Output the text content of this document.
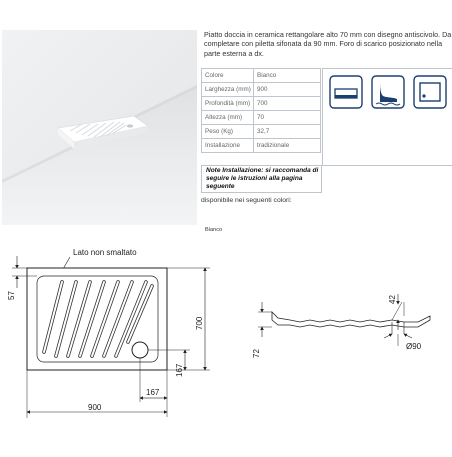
Piatto doccia in ceramica rettangolare alto 70 mm con disegno antiscivolo. Da completare con piletta sifonata da 90 mm. Foro di scarico posizionato nella parte esterna a dx.
Colore	Bianco
Larghezza (mm)	900
Profondità (mm)	700
Altezza (mm)	70
Peso (Kg)	32,7
Installazione	tradizionale
Note Installazione: si raccomanda di seguire le istruzioni alla pagina seguente
disponibile nei seguenti colori:
Bianco
Lato non smaltato
57
700
167
167
900
72
42
Ø90
